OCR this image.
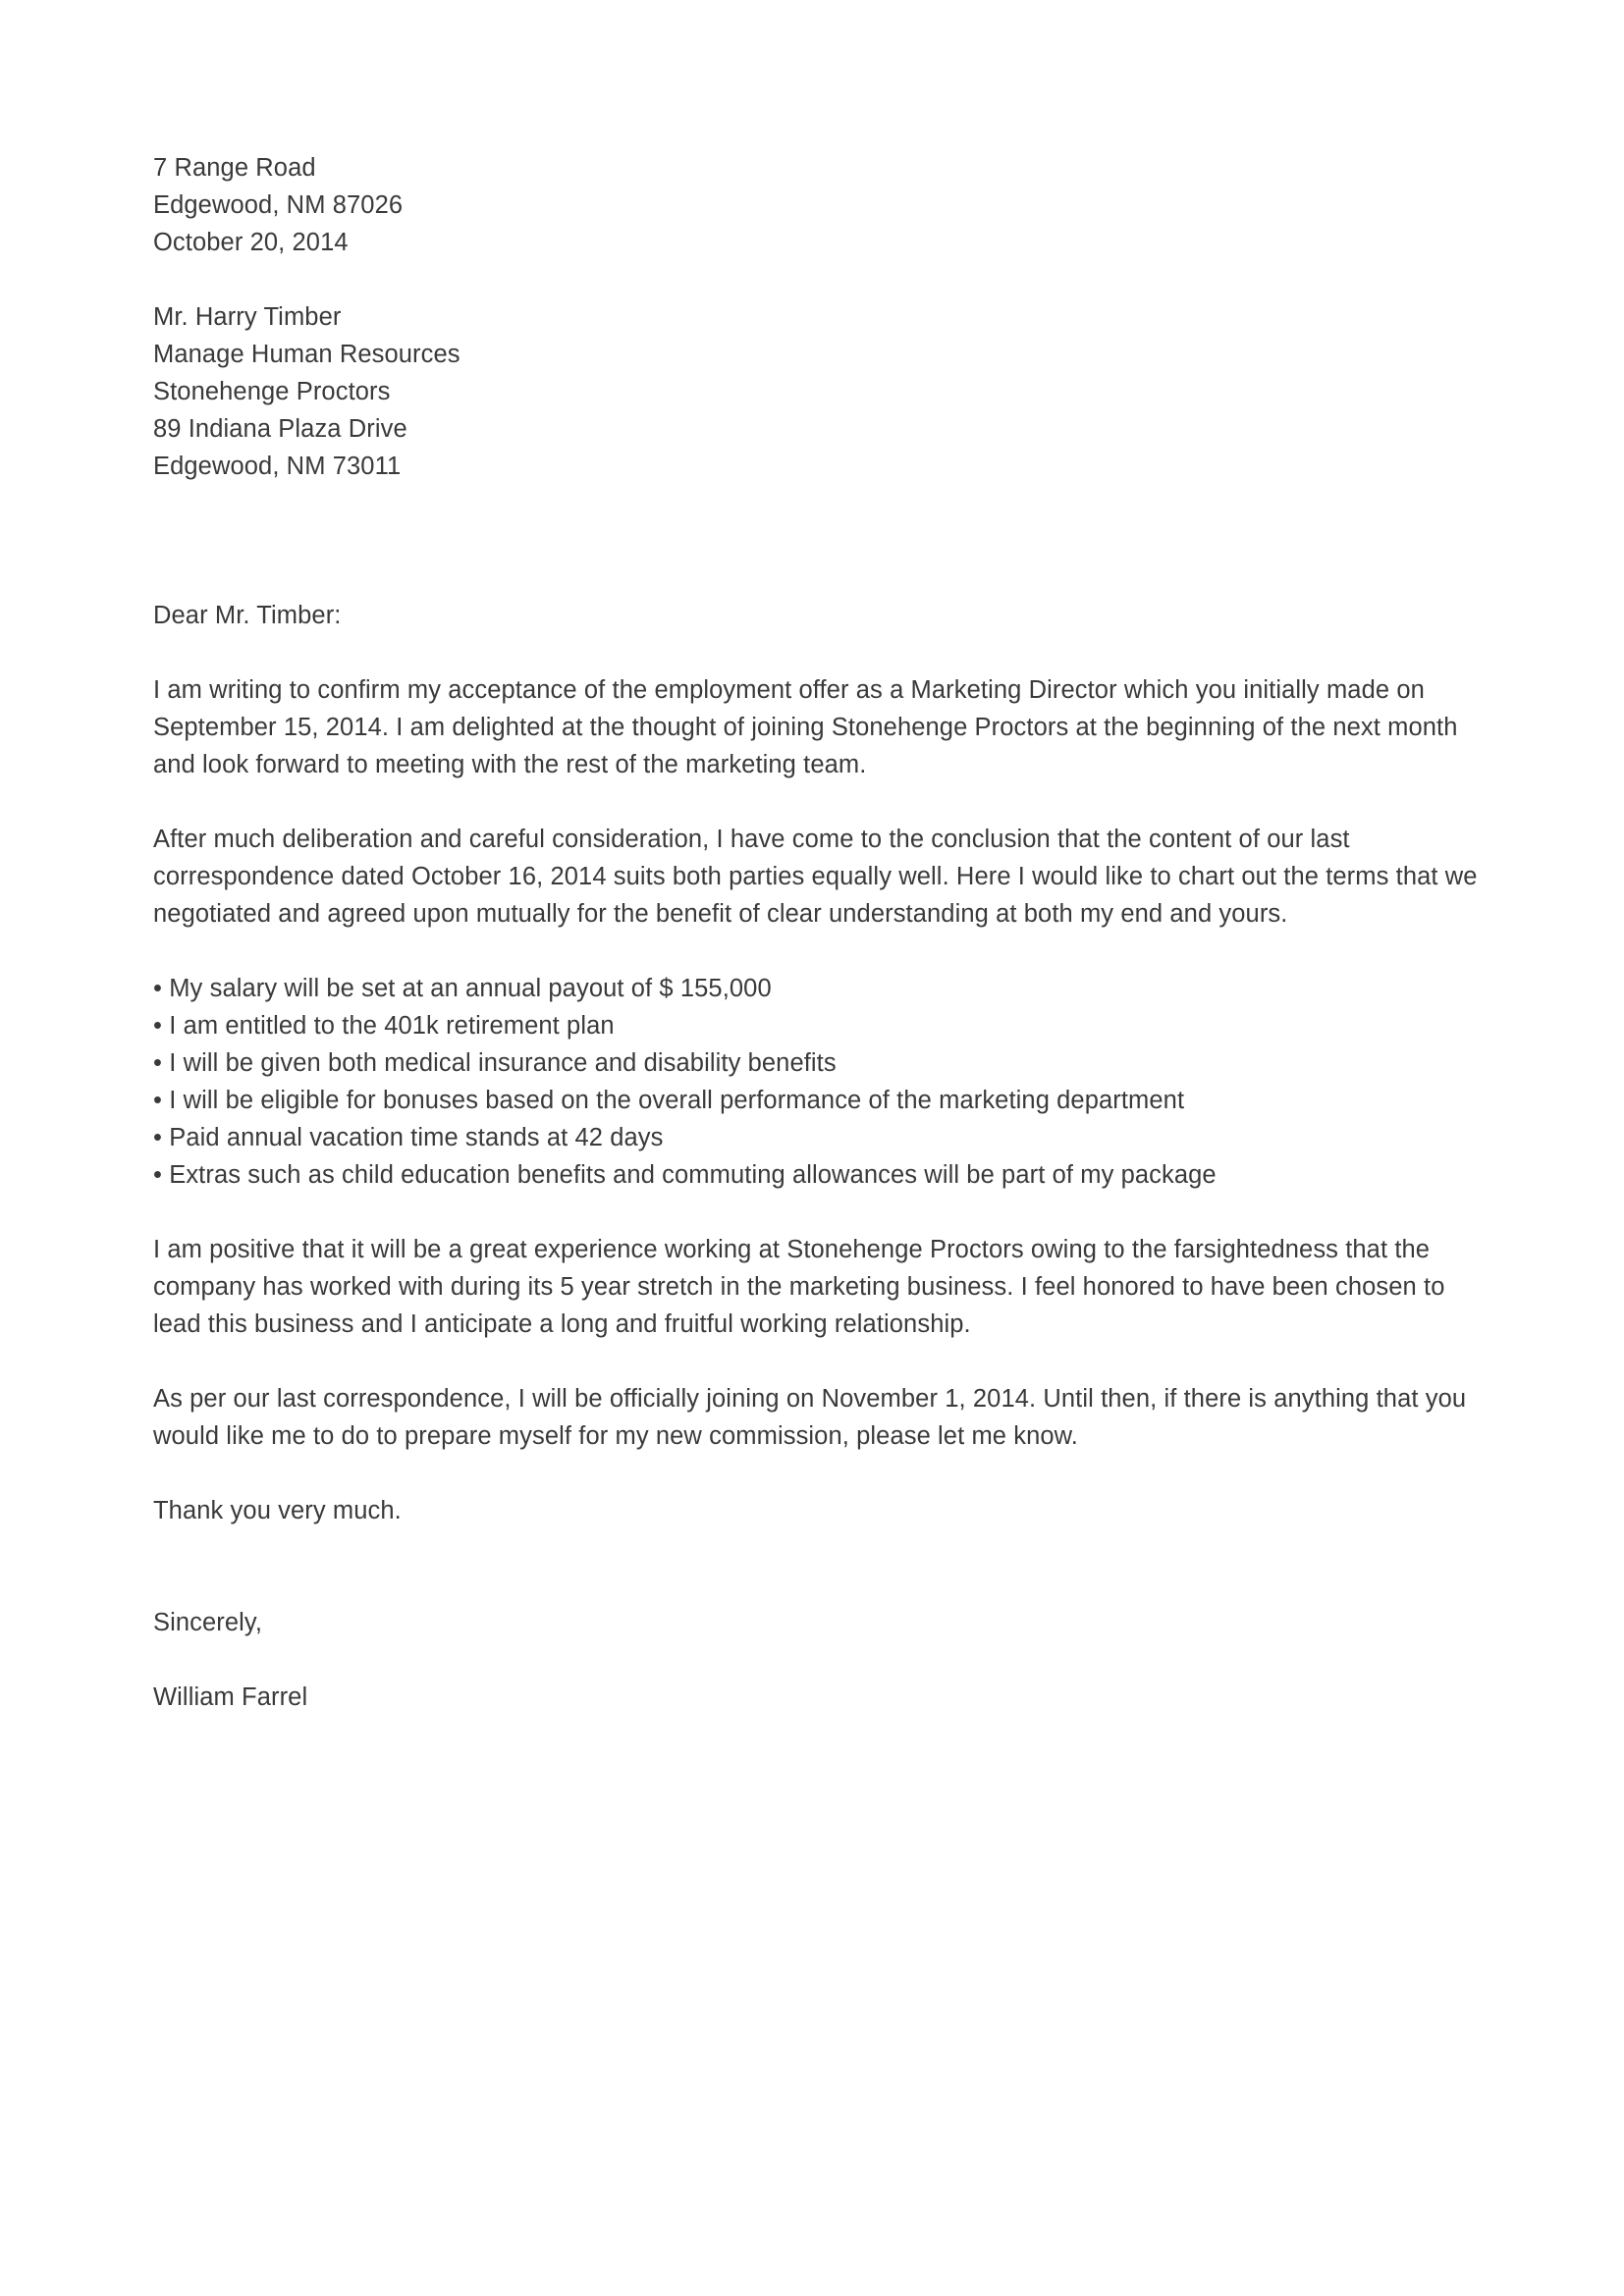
7 Range Road
Edgewood, NM 87026
October 20, 2014
Mr. Harry Timber
Manage Human Resources
Stonehenge Proctors
89 Indiana Plaza Drive
Edgewood, NM 73011

Dear Mr. Timber:

I am writing to confirm my acceptance of the employment offer as a Marketing Director which you initially made on September 15, 2014. I am delighted at the thought of joining Stonehenge Proctors at the beginning of the next month and look forward to meeting with the rest of the marketing team.

After much deliberation and careful consideration, I have come to the conclusion that the content of our last correspondence dated October 16, 2014 suits both parties equally well. Here I would like to chart out the terms that we negotiated and agreed upon mutually for the benefit of clear understanding at both my end and yours.

• My salary will be set at an annual payout of $ 155,000
• I am entitled to the 401k retirement plan
• I will be given both medical insurance and disability benefits
• I will be eligible for bonuses based on the overall performance of the marketing department
• Paid annual vacation time stands at 42 days
• Extras such as child education benefits and commuting allowances will be part of my package

I am positive that it will be a great experience working at Stonehenge Proctors owing to the farsightedness that the company has worked with during its 5 year stretch in the marketing business. I feel honored to have been chosen to lead this business and I anticipate a long and fruitful working relationship.

As per our last correspondence, I will be officially joining on November 1, 2014. Until then, if there is anything that you would like me to do to prepare myself for my new commission, please let me know.

Thank you very much.

Sincerely,

William Farrel
